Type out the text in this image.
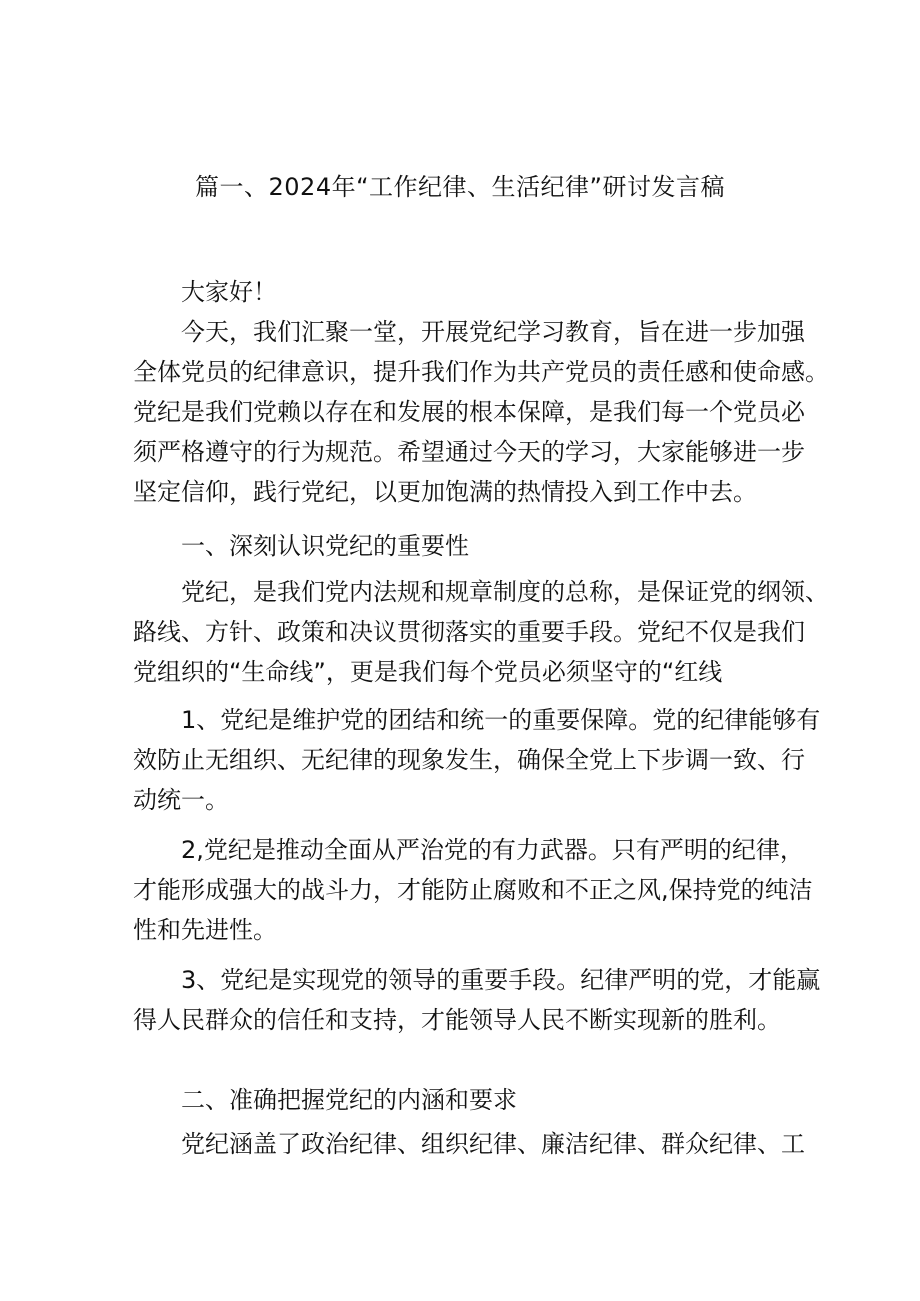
篇一、2024年“工作纪律、生活纪律”研讨发言稿
大家好！
今天，我们汇聚一堂，开展党纪学习教育，旨在进一步加强
全体党员的纪律意识，提升我们作为共产党员的责任感和使命感。
党纪是我们党赖以存在和发展的根本保障，是我们每一个党员必
须严格遵守的行为规范。希望通过今天的学习，大家能够进一步
坚定信仰，践行党纪，以更加饱满的热情投入到工作中去。
一、深刻认识党纪的重要性
党纪，是我们党内法规和规章制度的总称，是保证党的纲领、
路线、方针、政策和决议贯彻落实的重要手段。党纪不仅是我们
党组织的“生命线”，更是我们每个党员必须坚守的“红线
1、党纪是维护党的团结和统一的重要保障。党的纪律能够有
效防止无组织、无纪律的现象发生，确保全党上下步调一致、行
动统一。
2,党纪是推动全面从严治党的有力武器。只有严明的纪律，
才能形成强大的战斗力，才能防止腐败和不正之风,保持党的纯洁
性和先进性。
3、党纪是实现党的领导的重要手段。纪律严明的党，才能赢
得人民群众的信任和支持，才能领导人民不断实现新的胜利。
二、准确把握党纪的内涵和要求
党纪涵盖了政治纪律、组织纪律、廉洁纪律、群众纪律、工
